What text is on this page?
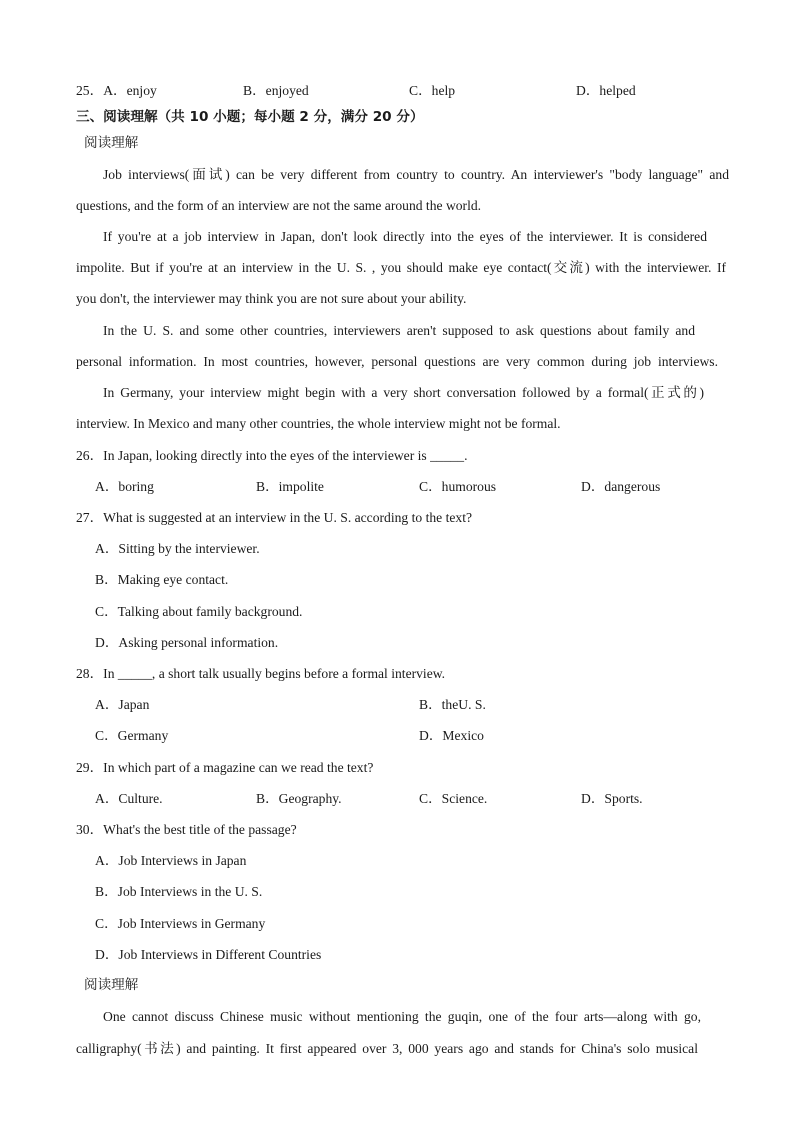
25．A．enjoy	B．enjoyed	C．help	D．helped
三、阅读理解（共 10 小题；每小题 2 分，满分 20 分）
阅读理解
Job interviews(面试) can be very different from country to country. An interviewer's "body language" and
questions, and the form of an interview are not the same around the world.
If you're at a job interview in Japan, don't look directly into the eyes of the interviewer. It is considered
impolite. But if you're at an interview in the U. S. , you should make eye contact(交流) with the interviewer. If
you don't, the interviewer may think you are not sure about your ability.
In the U. S. and some other countries, interviewers aren't supposed to ask questions about family and
personal information. In most countries, however, personal questions are very common during job interviews.
In Germany, your interview might begin with a very short conversation followed by a formal(正式的)
interview. In Mexico and many other countries, the whole interview might not be formal.
26．In Japan, looking directly into the eyes of the interviewer is _____.
A．boring	B．impolite	C．humorous	D．dangerous
27．What is suggested at an interview in the U. S. according to the text?
A．Sitting by the interviewer.
B．Making eye contact.
C．Talking about family background.
D．Asking personal information.
28．In _____, a short talk usually begins before a formal interview.
A．Japan	B．theU. S.
C．Germany	D．Mexico
29．In which part of a magazine can we read the text?
A．Culture.	B．Geography.	C．Science.	D．Sports.
30．What's the best title of the passage?
A．Job Interviews in Japan
B．Job Interviews in the U. S.
C．Job Interviews in Germany
D．Job Interviews in Different Countries
阅读理解
One cannot discuss Chinese music without mentioning the guqin, one of the four arts—along with go,
calligraphy(书法) and painting. It first appeared over 3, 000 years ago and stands for China's solo musical
